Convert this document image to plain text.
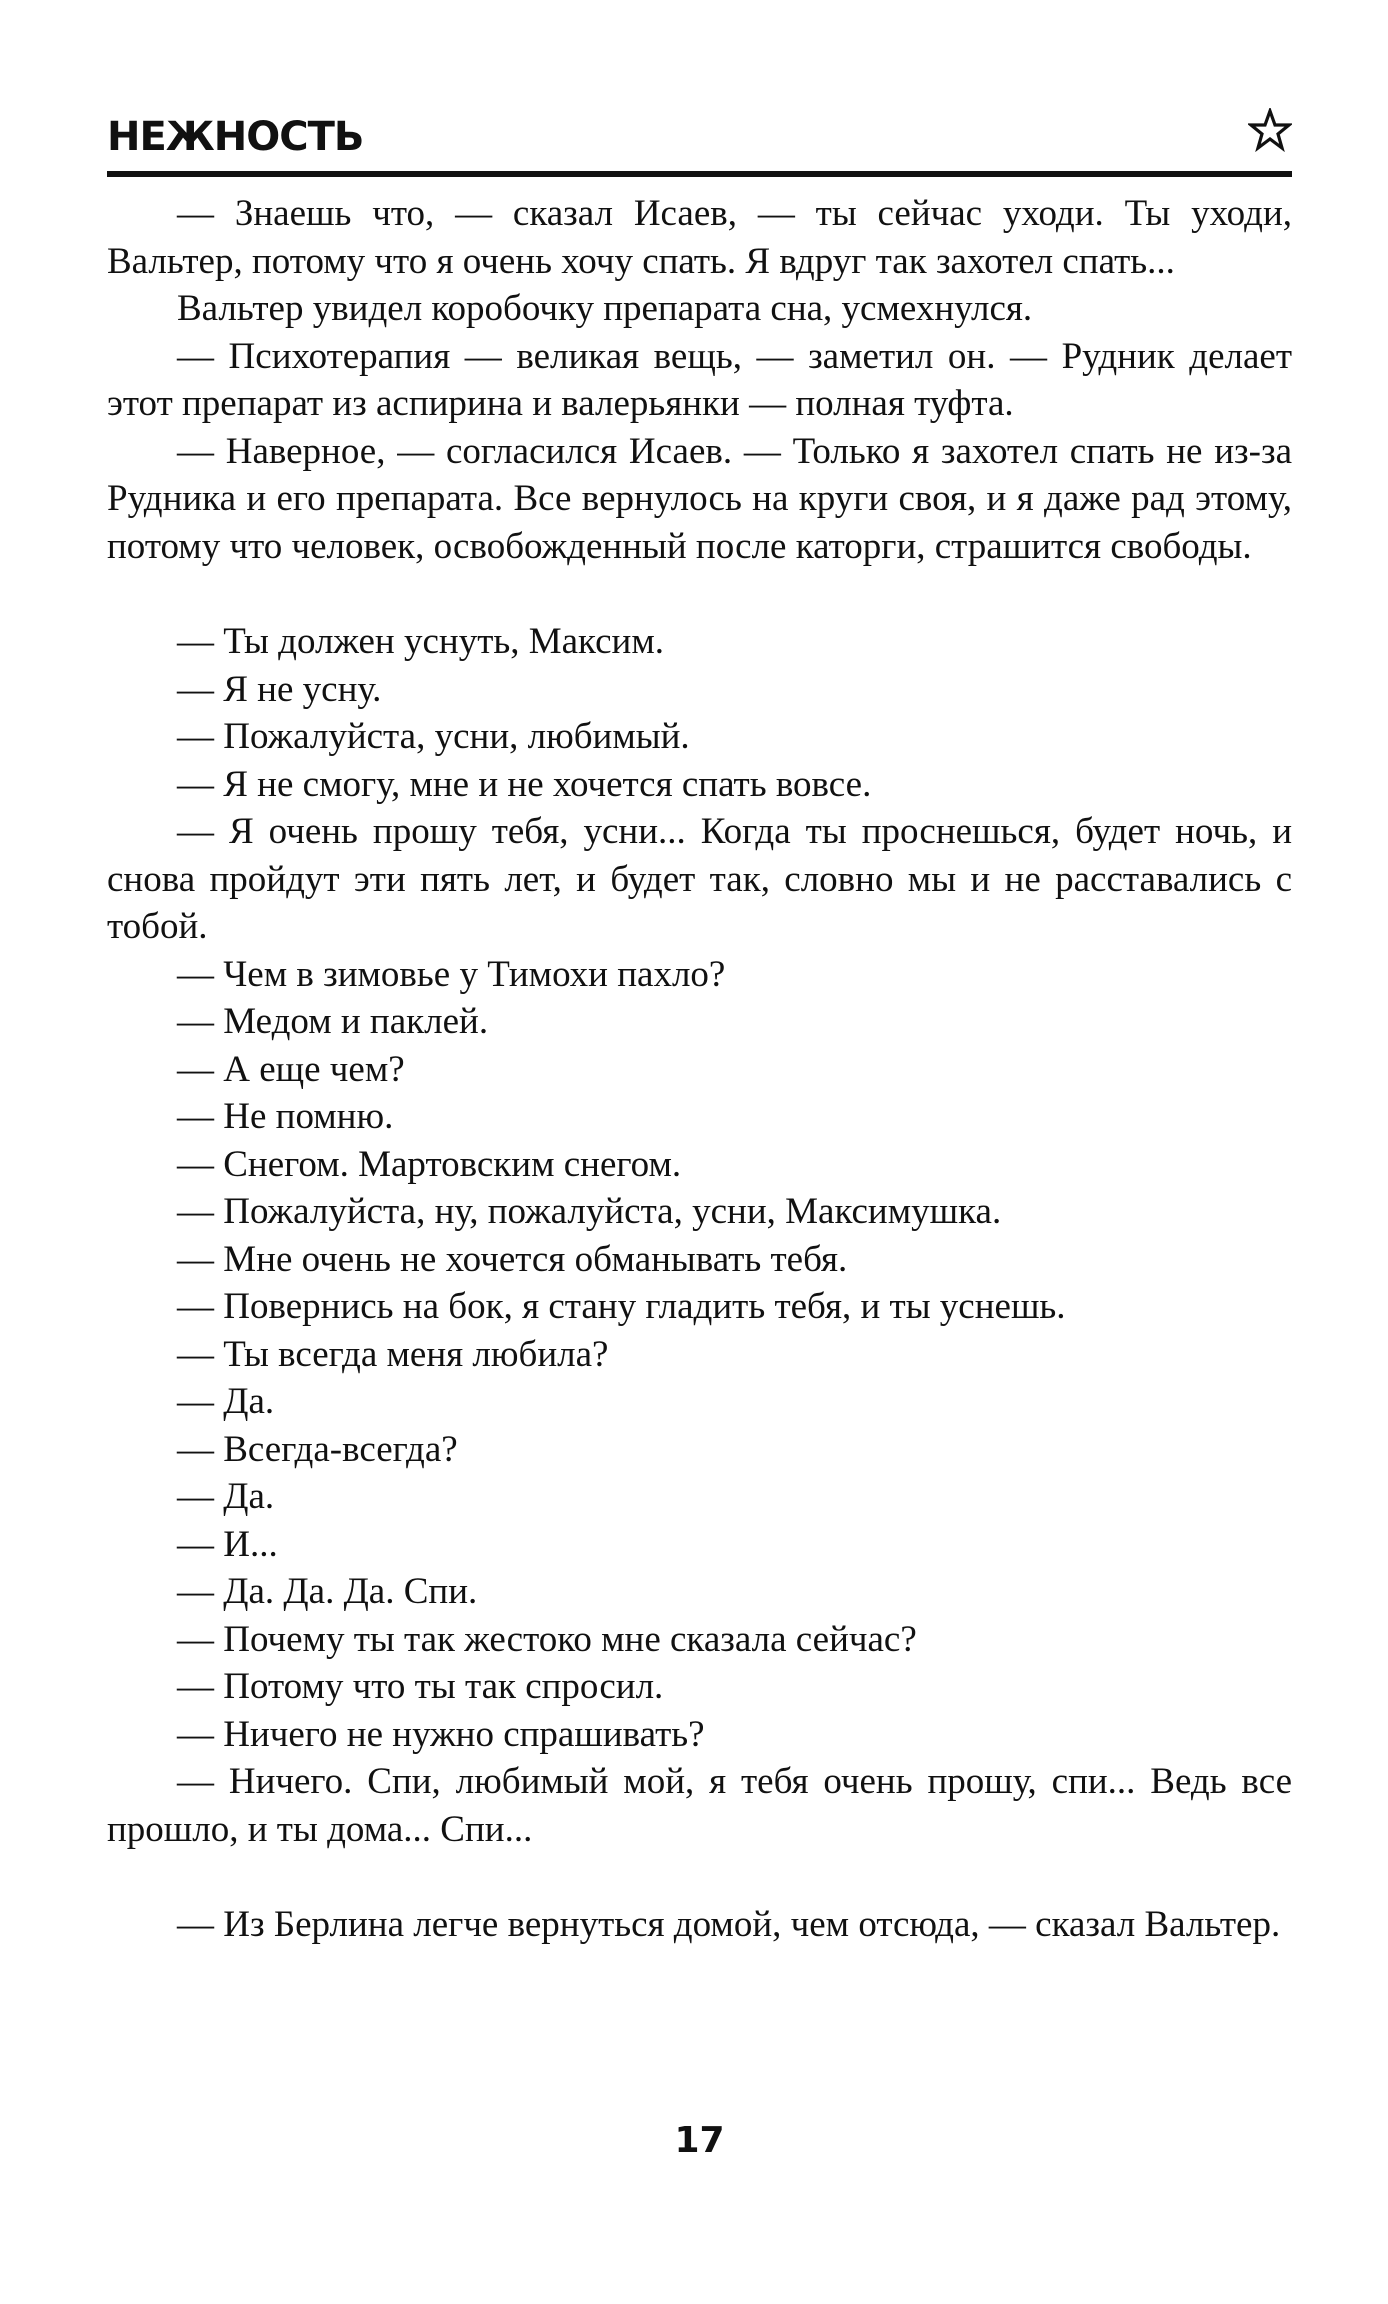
НЕЖНОСТЬ

— Знаешь что, — сказал Исаев, — ты сейчас уходи. Ты уходи, Вальтер, потому что я очень хочу спать. Я вдруг так захотел спать...

Вальтер увидел коробочку препарата сна, усмехнулся.

— Психотерапия — великая вещь, — заметил он. — Рудник делает этот препарат из аспирина и валерьянки — полная туфта.

— Наверное, — согласился Исаев. — Только я захотел спать не из-за Рудника и его препарата. Все вернулось на круги своя, и я даже рад этому, потому что человек, освобожденный после каторги, страшится свободы.

— Ты должен уснуть, Максим.

— Я не усну.

— Пожалуйста, усни, любимый.

— Я не смогу, мне и не хочется спать вовсе.

— Я очень прошу тебя, усни... Когда ты проснешься, будет ночь, и снова пройдут эти пять лет, и будет так, словно мы и не расставались с тобой.

— Чем в зимовье у Тимохи пахло?

— Медом и паклей.

— А еще чем?

— Не помню.

— Снегом. Мартовским снегом.

— Пожалуйста, ну, пожалуйста, усни, Максимушка.

— Мне очень не хочется обманывать тебя.

— Повернись на бок, я стану гладить тебя, и ты уснешь.

— Ты всегда меня любила?

— Да.

— Всегда-всегда?

— Да.

— И...

— Да. Да. Да. Спи.

— Почему ты так жестоко мне сказала сейчас?

— Потому что ты так спросил.

— Ничего не нужно спрашивать?

— Ничего. Спи, любимый мой, я тебя очень прошу, спи... Ведь все прошло, и ты дома... Спи...

— Из Берлина легче вернуться домой, чем отсюда, — сказал Вальтер.

17
